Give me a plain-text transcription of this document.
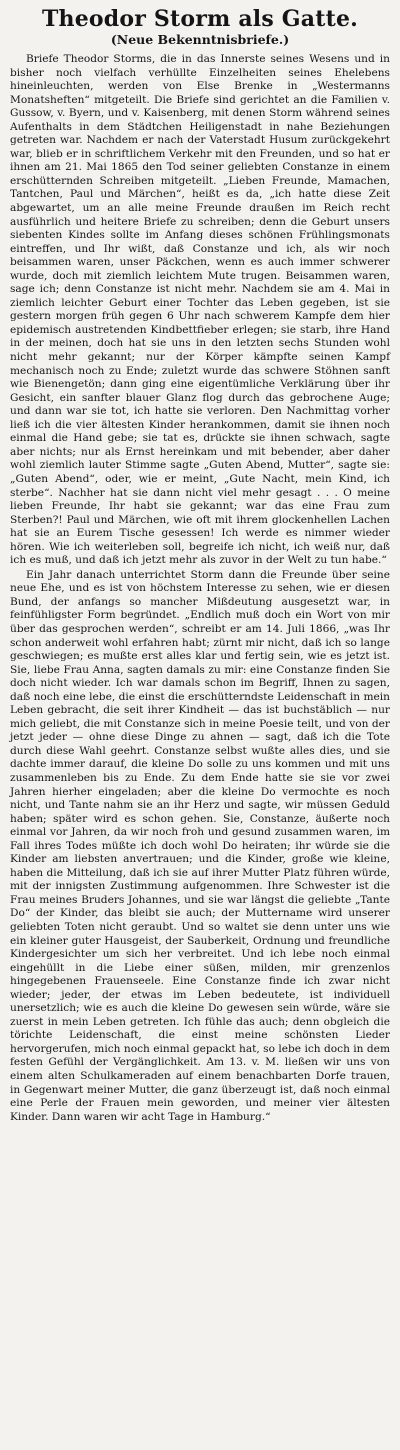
Theodor Storm als Gatte.
(Neue Bekenntnisbriefe.)

Briefe Theodor Storms, die in das Innerste seines Wesens und in bisher noch vielfach verhüllte Einzelheiten seines Ehelebens hineinleuchten, werden von Else Brenke in „Westermanns Monatsheften“ mitgeteilt. Die Briefe sind gerichtet an die Familien v. Gussow, v. Byern, und v. Kaisenberg, mit denen Storm während seines Aufenthalts in dem Städtchen Heiligenstadt in nahe Beziehungen getreten war. Nachdem er nach der Vaterstadt Husum zurückgekehrt war, blieb er in schriftlichem Verkehr mit den Freunden, und so hat er ihnen am 21. Mai 1865 den Tod seiner geliebten Constanze in einem erschütternden Schreiben mitgeteilt. „Lieben Freunde, Mamachen, Tantchen, Paul und Märchen“, heißt es da, „ich hatte diese Zeit abgewartet, um an alle meine Freunde draußen im Reich recht ausführlich und heitere Briefe zu schreiben; denn die Geburt unsers siebenten Kindes sollte im Anfang dieses schönen Frühlingsmonats eintreffen, und Ihr wißt, daß Constanze und ich, als wir noch beisammen waren, unser Päckchen, wenn es auch immer schwerer wurde, doch mit ziemlich leichtem Mute trugen. Beisammen waren, sage ich; denn Constanze ist nicht mehr. Nachdem sie am 4. Mai in ziemlich leichter Geburt einer Tochter das Leben gegeben, ist sie gestern morgen früh gegen 6 Uhr nach schwerem Kampfe dem hier epidemisch austretenden Kindbettfieber erlegen; sie starb, ihre Hand in der meinen, doch hat sie uns in den letzten sechs Stunden wohl nicht mehr gekannt; nur der Körper kämpfte seinen Kampf mechanisch noch zu Ende; zuletzt wurde das schwere Stöhnen sanft wie Bienengetön; dann ging eine eigentümliche Verklärung über ihr Gesicht, ein sanfter blauer Glanz flog durch das gebrochene Auge; und dann war sie tot, ich hatte sie verloren. Den Nachmittag vorher ließ ich die vier ältesten Kinder herankommen, damit sie ihnen noch einmal die Hand gebe; sie tat es, drückte sie ihnen schwach, sagte aber nichts; nur als Ernst hereinkam und mit bebender, aber daher wohl ziemlich lauter Stimme sagte „Guten Abend, Mutter“, sagte sie: „Guten Abend“, oder, wie er meint, „Gute Nacht, mein Kind, ich sterbe“. Nachher hat sie dann nicht viel mehr gesagt . . . O meine lieben Freunde, Ihr habt sie gekannt; war das eine Frau zum Sterben?! Paul und Märchen, wie oft mit ihrem glockenhellen Lachen hat sie an Eurem Tische gesessen! Ich werde es nimmer wieder hören. Wie ich weiterleben soll, begreife ich nicht, ich weiß nur, daß ich es muß, und daß ich jetzt mehr als zuvor in der Welt zu tun habe.“

Ein Jahr danach unterrichtet Storm dann die Freunde über seine neue Ehe, und es ist von höchstem Interesse zu sehen, wie er diesen Bund, der anfangs so mancher Mißdeutung ausgesetzt war, in feinfühligster Form begründet. „Endlich muß doch ein Wort von mir über das gesprochen werden“, schreibt er am 14. Juli 1866, „was Ihr schon anderweit wohl erfahren habt; zürnt mir nicht, daß ich so lange geschwiegen; es mußte erst alles klar und fertig sein, wie es jetzt ist. Sie, liebe Frau Anna, sagten damals zu mir: eine Constanze finden Sie doch nicht wieder. Ich war damals schon im Begriff, Ihnen zu sagen, daß noch eine lebe, die einst die erschütterndste Leidenschaft in mein Leben gebracht, die seit ihrer Kindheit — das ist buchstäblich — nur mich geliebt, die mit Constanze sich in meine Poesie teilt, und von der jetzt jeder — ohne diese Dinge zu ahnen — sagt, daß ich die Tote durch diese Wahl geehrt. Constanze selbst wußte alles dies, und sie dachte immer darauf, die kleine Do solle zu uns kommen und mit uns zusammenleben bis zu Ende. Zu dem Ende hatte sie sie vor zwei Jahren hierher eingeladen; aber die kleine Do vermochte es noch nicht, und Tante nahm sie an ihr Herz und sagte, wir müssen Geduld haben; später wird es schon gehen. Sie, Constanze, äußerte noch einmal vor Jahren, da wir noch froh und gesund zusammen waren, im Fall ihres Todes müßte ich doch wohl Do heiraten; ihr würde sie die Kinder am liebsten anvertrauen; und die Kinder, große wie kleine, haben die Mitteilung, daß ich sie auf ihrer Mutter Platz führen würde, mit der innigsten Zustimmung aufgenommen. Ihre Schwester ist die Frau meines Bruders Johannes, und sie war längst die geliebte „Tante Do“ der Kinder, das bleibt sie auch; der Muttername wird unserer geliebten Toten nicht geraubt. Und so waltet sie denn unter uns wie ein kleiner guter Hausgeist, der Sauberkeit, Ordnung und freundliche Kindergesichter um sich her verbreitet. Und ich lebe noch einmal eingehüllt in die Liebe einer süßen, milden, mir grenzenlos hingegebenen Frauenseele. Eine Constanze finde ich zwar nicht wieder; jeder, der etwas im Leben bedeutete, ist individuell unersetzlich; wie es auch die kleine Do gewesen sein würde, wäre sie zuerst in mein Leben getreten. Ich fühle das auch; denn obgleich die törichte Leidenschaft, die einst meine schönsten Lieder hervorgerufen, mich noch einmal gepackt hat, so lebe ich doch in dem festen Gefühl der Vergänglichkeit. Am 13. v. M. ließen wir uns von einem alten Schulkameraden auf einem benachbarten Dorfe trauen, in Gegenwart meiner Mutter, die ganz überzeugt ist, daß noch einmal eine Perle der Frauen mein geworden, und meiner vier ältesten Kinder. Dann waren wir acht Tage in Hamburg.“
